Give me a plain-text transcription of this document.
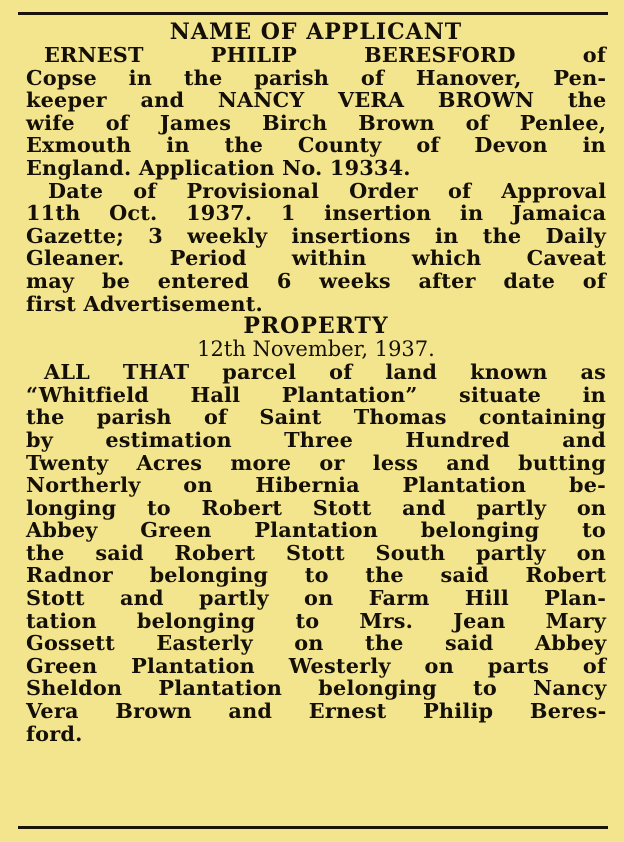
NAME OF APPLICANT

ERNEST PHILIP BERESFORD of
Copse in the parish of Hanover, Pen-
keeper and NANCY VERA BROWN the
wife of James Birch Brown of Penlee,
Exmouth in the County of Devon in
England. Application No. 19334.
Date of Provisional Order of Approval
11th Oct. 1937. 1 insertion in Jamaica
Gazette; 3 weekly insertions in the Daily
Gleaner. Period within which Caveat
may be entered 6 weeks after date of
first Advertisement.

PROPERTY

12th November, 1937.

ALL THAT parcel of land known as
“Whitfield Hall Plantation” situate in
the parish of Saint Thomas containing
by estimation Three Hundred and
Twenty Acres more or less and butting
Northerly on Hibernia Plantation be-
longing to Robert Stott and partly on
Abbey Green Plantation belonging to
the said Robert Stott South partly on
Radnor belonging to the said Robert
Stott and partly on Farm Hill Plan-
tation belonging to Mrs. Jean Mary
Gossett Easterly on the said Abbey
Green Plantation Westerly on parts of
Sheldon Plantation belonging to Nancy
Vera Brown and Ernest Philip Beres-
ford.
